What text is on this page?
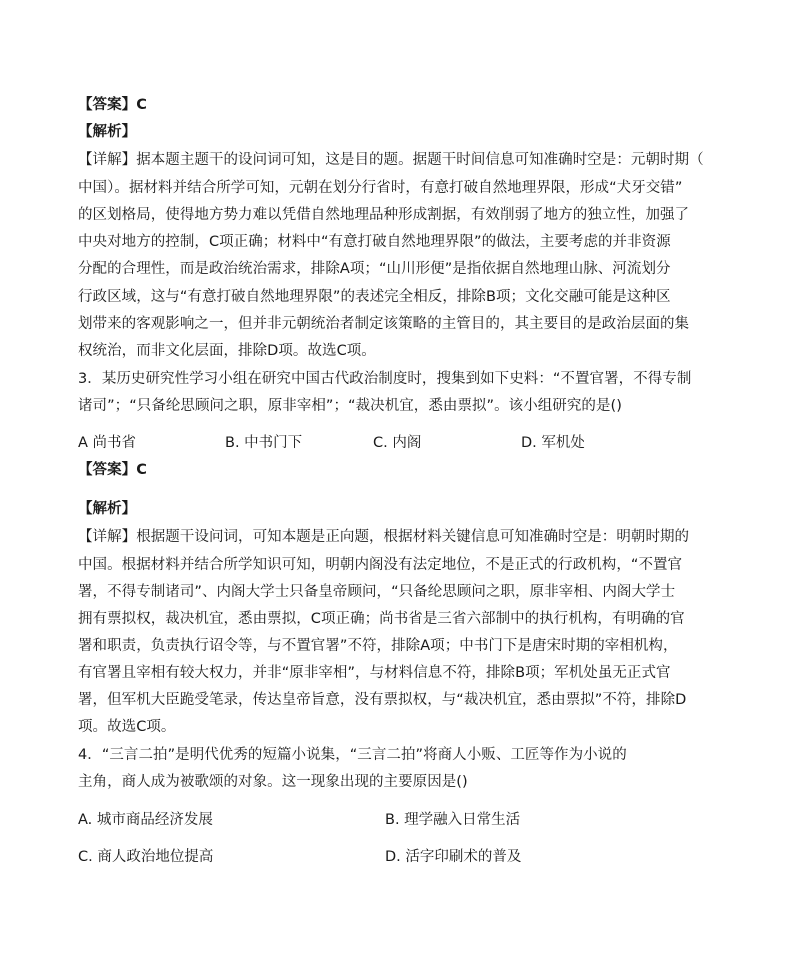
【答案】C
【解析】
【详解】据本题主题干的设问词可知，这是目的题。据题干时间信息可知准确时空是：元朝时期（
中国）。据材料并结合所学可知，元朝在划分行省时，有意打破自然地理界限，形成“犬牙交错”
的区划格局，使得地方势力难以凭借自然地理品种形成割据，有效削弱了地方的独立性，加强了
中央对地方的控制，C项正确；材料中“有意打破自然地理界限”的做法，主要考虑的并非资源
分配的合理性，而是政治统治需求，排除A项；“山川形便”是指依据自然地理山脉、河流划分
行政区域，这与“有意打破自然地理界限”的表述完全相反，排除B项；文化交融可能是这种区
划带来的客观影响之一，但并非元朝统治者制定该策略的主管目的，其主要目的是政治层面的集
权统治，而非文化层面，排除D项。故选C项。
3．某历史研究性学习小组在研究中国古代政治制度时，搜集到如下史料：“不置官署，不得专制
诸司”；“只备纶思顾问之职，原非宰相”；“裁决机宜，悉由票拟”。该小组研究的是()
A 尚书省	B. 中书门下	C. 内阁	D. 军机处
【答案】C
【解析】
【详解】根据题干设问词，可知本题是正向题，根据材料关键信息可知准确时空是：明朝时期的
中国。根据材料并结合所学知识可知，明朝内阁没有法定地位，不是正式的行政机构，“不置官
署，不得专制诸司”、内阁大学士只备皇帝顾问，“只备纶思顾问之职，原非宰相、内阁大学士
拥有票拟权，裁决机宜，悉由票拟，C项正确；尚书省是三省六部制中的执行机构，有明确的官
署和职责，负责执行诏令等，与不置官署”不符，排除A项；中书门下是唐宋时期的宰相机构，
有官署且宰相有较大权力，并非“原非宰相”，与材料信息不符，排除B项；军机处虽无正式官
署，但军机大臣跪受笔录，传达皇帝旨意，没有票拟权，与“裁决机宜，悉由票拟”不符，排除D
项。故选C项。
4．“三言二拍”是明代优秀的短篇小说集，“三言二拍”将商人小贩、工匠等作为小说的
主角，商人成为被歌颂的对象。这一现象出现的主要原因是()
A. 城市商品经济发展	B. 理学融入日常生活
C. 商人政治地位提高	D. 活字印刷术的普及
